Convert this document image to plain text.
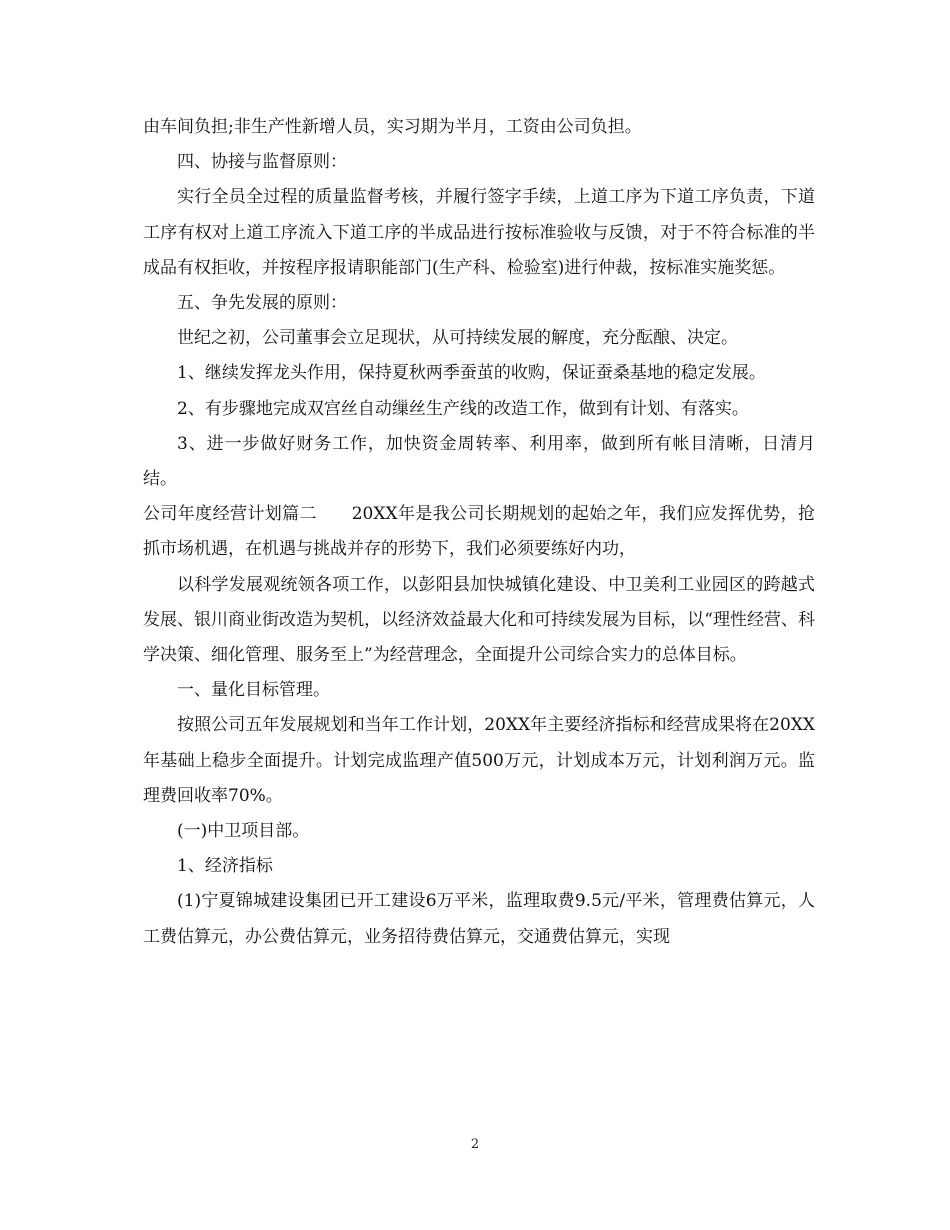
由车间负担;非生产性新增人员，实习期为半月，工资由公司负担。

四、协接与监督原则：

实行全员全过程的质量监督考核，并履行签字手续，上道工序为下道工序负责，下道工序有权对上道工序流入下道工序的半成品进行按标准验收与反馈，对于不符合标准的半成品有权拒收，并按程序报请职能部门(生产科、检验室)进行仲裁，按标准实施奖惩。

五、争先发展的原则：

世纪之初，公司董事会立足现状，从可持续发展的解度，充分酝酿、决定。

1、继续发挥龙头作用，保持夏秋两季蚕茧的收购，保证蚕桑基地的稳定发展。

2、有步骤地完成双宫丝自动缫丝生产线的改造工作，做到有计划、有落实。

3、进一步做好财务工作，加快资金周转率、利用率，做到所有帐目清晰，日清月结。

公司年度经营计划篇二　　20XX年是我公司长期规划的起始之年，我们应发挥优势，抢抓市场机遇，在机遇与挑战并存的形势下，我们必须要练好内功，

以科学发展观统领各项工作，以彭阳县加快城镇化建设、中卫美利工业园区的跨越式发展、银川商业街改造为契机，以经济效益最大化和可持续发展为目标，以“理性经营、科学决策、细化管理、服务至上”为经营理念，全面提升公司综合实力的总体目标。

一、量化目标管理。

按照公司五年发展规划和当年工作计划，20XX年主要经济指标和经营成果将在20XX年基础上稳步全面提升。计划完成监理产值500万元，计划成本万元，计划利润万元。监理费回收率70%。

(一)中卫项目部。

1、经济指标

(1)宁夏锦城建设集团已开工建设6万平米，监理取费9.5元/平米，管理费估算元，人工费估算元，办公费估算元，业务招待费估算元，交通费估算元，实现

2
